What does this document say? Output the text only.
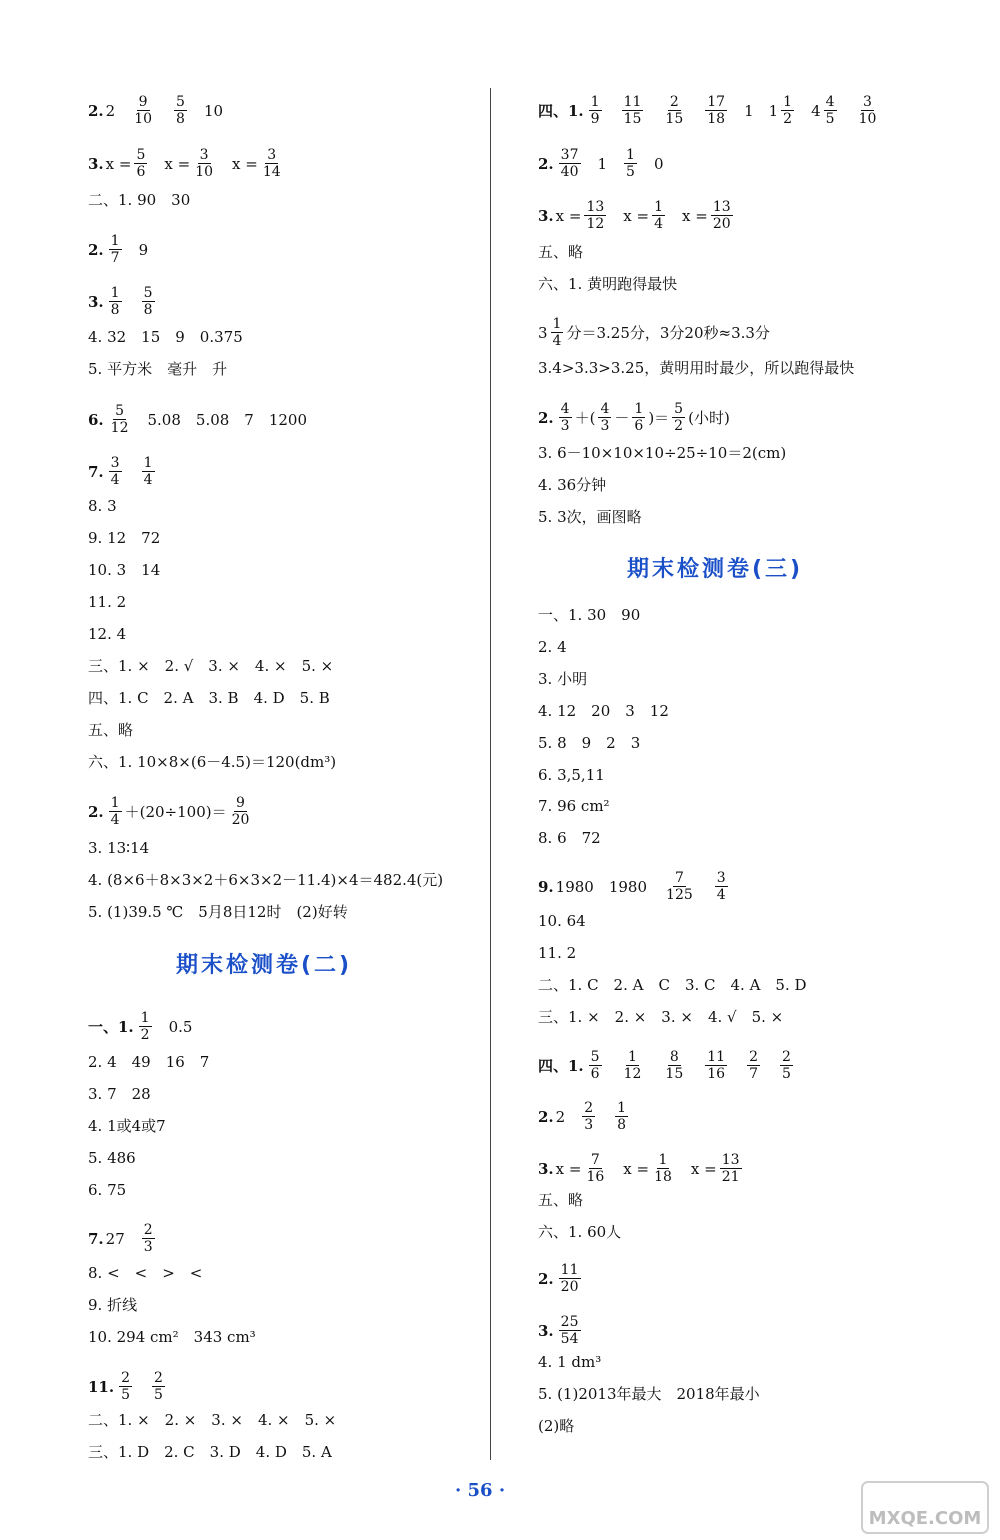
2. $2 \frac{9}{10} \frac{5}{8} 10$
3. $x = \frac{5}{6}$ $x = \frac{3}{10}$ $x = \frac{3}{14}$
二、1. 90　30
2. $\frac{1}{7} 9$
3. $\frac{1}{8} \frac{5}{8}$
4. 32　15　9　0.375
5. 平方米　毫升　升
6. $\frac{5}{12} 5.08$　5.08　7　1200
7. $\frac{3}{4} \frac{1}{4}$
8. 3
9. 12　72
10. 3　14
11. 2
12. 4
三、1. ×　2. √　3. ×　4. ×　5. ×
四、1. C　2. A　3. B　4. D　5. B
五、略
六、1. 10×8×(6－4.5)＝120(dm³)
2. $\frac{1}{4} +(20\div 100)= \frac{9}{20}$
3. 13∶14
4. (8×6＋8×3×2＋6×3×2－11.4)×4＝482.4(元)
5. (1)39.5 ℃　5月8日12时　(2)好转
期末检测卷(二)
一、1. $\frac{1}{2} 0.5$
2. 4　49　16　7
3. 7　28
4. 1或4或7
5. 486
6. 75
7. $27 \frac{2}{3}$
8. <　<　>　<
9. 折线
10. 294 cm²　343 cm³
11. $\frac{2}{5} \frac{2}{5}$
二、1. ×　2. ×　3. ×　4. ×　5. ×
三、1. D　2. C　3. D　4. D　5. A
四、1. $\frac{1}{9} \frac{11}{15} \frac{2}{15} \frac{17}{18} 1$　$1 \frac{1}{2} 4 \frac{4}{5} \frac{3}{10}$
2. $\frac{37}{40} 1 \frac{1}{5} 0$
3. $x = \frac{13}{12}$ $x = \frac{1}{4}$ $x = \frac{13}{20}$
五、略
六、1. 黄明跑得最快
$3 \frac{1}{4}$ 分＝3.25分，3分20秒≈3.3分
3.4>3.3>3.25，黄明用时最少，所以跑得最快
2. $\frac{4}{3}$ ＋( $\frac{4}{3} - \frac{1}{6}$ )＝ $\frac{5}{2}$ (小时)
3. 6－10×10×10÷25÷10＝2(cm)
4. 36分钟
5. 3次，画图略
期末检测卷(三)
一、1. 30　90
2. 4
3. 小明
4. 12　20　3　12
5. 8　9　2　3
6. 3,5,11
7. 96 cm²
8. 6　72
9. 1980　$1980 \frac{7}{125} \frac{3}{4}$
10. 64
11. 2
二、1. C　2. A　C　3. C　4. A　5. D
三、1. ×　2. ×　3. ×　4. √　5. ×
四、1. $\frac{5}{6} \frac{1}{12} \frac{8}{15} \frac{11}{16} \frac{2}{7} \frac{2}{5}$
2. $2 \frac{2}{3} \frac{1}{8}$
3. $x = \frac{7}{16}$ $x = \frac{1}{18}$ $x = \frac{13}{21}$
五、略
六、1. 60人
2. $\frac{11}{20}$
3. $\frac{25}{54}$
4. 1 dm³
5. (1)2013年最大　2018年最小
(2)略
· 56 ·
MXQE.COM
